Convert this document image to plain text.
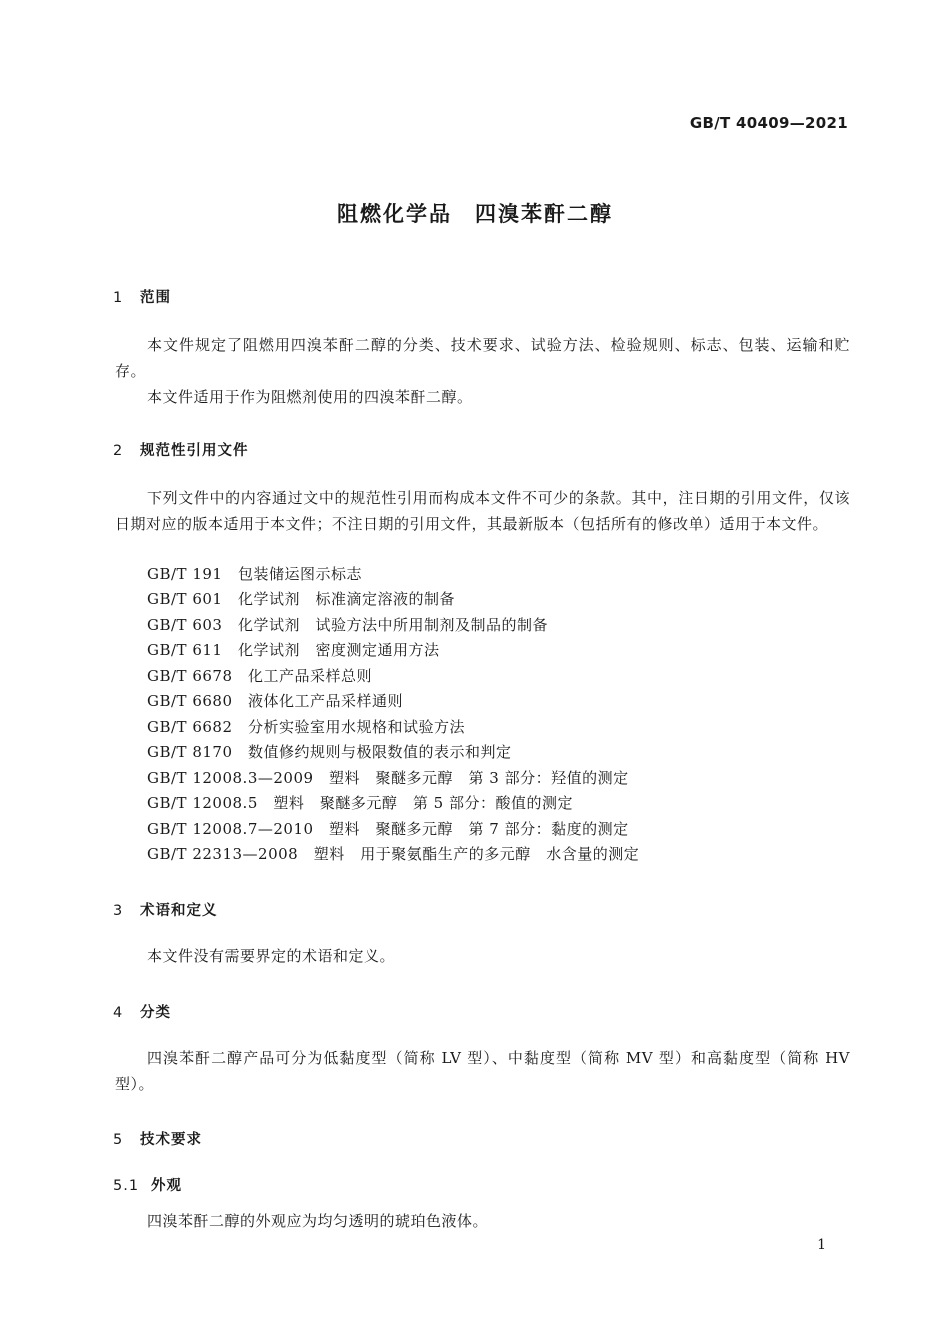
GB/T 40409—2021
阻燃化学品　四溴苯酐二醇
1 范围

本文件规定了阻燃用四溴苯酐二醇的分类、技术要求、试验方法、检验规则、标志、包装、运输和贮存。

本文件适用于作为阻燃剂使用的四溴苯酐二醇。

2 规范性引用文件

下列文件中的内容通过文中的规范性引用而构成本文件不可少的条款。其中，注日期的引用文件，仅该日期对应的版本适用于本文件；不注日期的引用文件，其最新版本（包括所有的修改单）适用于本文件。

GB/T 191　包装储运图示标志
GB/T 601　化学试剂　标准滴定溶液的制备
GB/T 603　化学试剂　试验方法中所用制剂及制品的制备
GB/T 611　化学试剂　密度测定通用方法
GB/T 6678　化工产品采样总则
GB/T 6680　液体化工产品采样通则
GB/T 6682　分析实验室用水规格和试验方法
GB/T 8170　数值修约规则与极限数值的表示和判定
GB/T 12008.3—2009　塑料　聚醚多元醇　第 3 部分：羟值的测定
GB/T 12008.5　塑料　聚醚多元醇　第 5 部分：酸值的测定
GB/T 12008.7—2010　塑料　聚醚多元醇　第 7 部分：黏度的测定
GB/T 22313—2008　塑料　用于聚氨酯生产的多元醇　水含量的测定
3 术语和定义

本文件没有需要界定的术语和定义。

4 分类

四溴苯酐二醇产品可分为低黏度型（简称 LV 型）、中黏度型（简称 MV 型）和高黏度型（简称 HV 型）。

5 技术要求
5.1 外观

四溴苯酐二醇的外观应为均匀透明的琥珀色液体。

1
